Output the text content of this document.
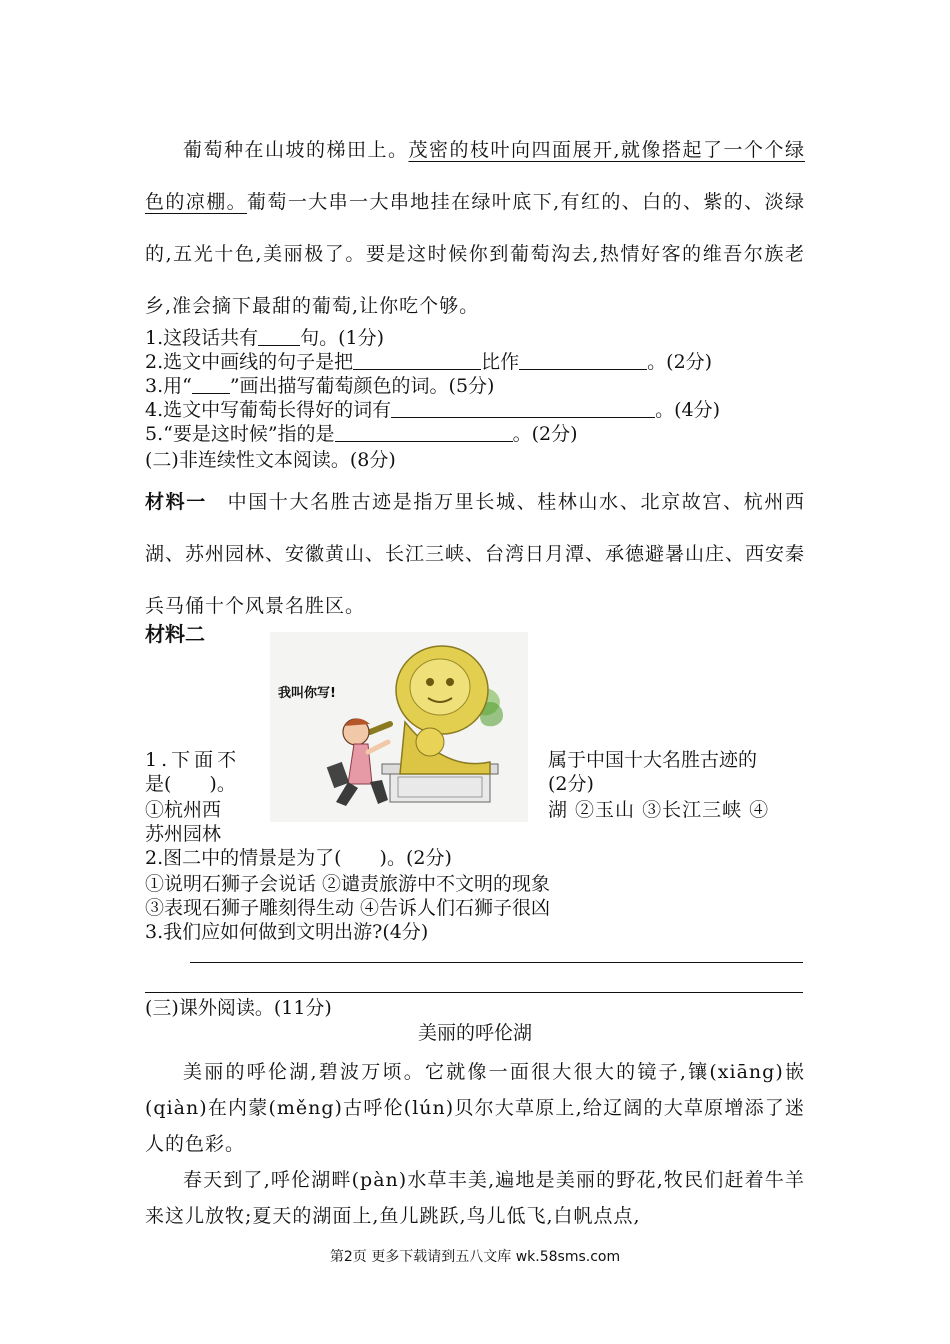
葡萄种在山坡的梯田上。茂密的枝叶向四面展开,就像搭起了一个个绿色的凉棚。葡萄一大串一大串地挂在绿叶底下,有红的、白的、紫的、淡绿的,五光十色,美丽极了。要是这时候你到葡萄沟去,热情好客的维吾尔族老乡,准会摘下最甜的葡萄,让你吃个够。
1.这段话共有 句。(1分)
2.选文中画线的句子是把	比作	。(2分)
3.用“ ”画出描写葡萄颜色的词。(5分)
4.选文中写葡萄长得好的词有	。(4分)
5.“要是这时候”指的是	。(2分)
(二)非连续性文本阅读。(8分)
材料一　 中国十大名胜古迹是指万里长城、桂林山水、北京故宫、杭州西湖、苏州园林、安徽黄山、长江三峡、台湾日月潭、承德避暑山庄、西安秦兵马俑十个风景名胜区。
材料二
我叫你写!
1.下面不	属于中国十大名胜古迹的
是(　　)。	(2分)
①杭州西	湖 ②玉山 ③长江三峡 ④
苏州园林
2.图二中的情景是为了(　　)。(2分)
①说明石狮子会说话 ②谴责旅游中不文明的现象
③表现石狮子雕刻得生动 ④告诉人们石狮子很凶
3.我们应如何做到文明出游?(4分)
(三)课外阅读。(11分)
美丽的呼伦湖
美丽的呼伦湖,碧波万顷。它就像一面很大很大的镜子,镶(xiāng)嵌(qiàn)在内蒙(měng)古呼伦(lún)贝尔大草原上,给辽阔的大草原增添了迷人的色彩。
春天到了,呼伦湖畔(pàn)水草丰美,遍地是美丽的野花,牧民们赶着牛羊来这儿放牧;夏天的湖面上,鱼儿跳跃,鸟儿低飞,白帆点点,
第2页 更多下载请到五八文库 wk.58sms.com
